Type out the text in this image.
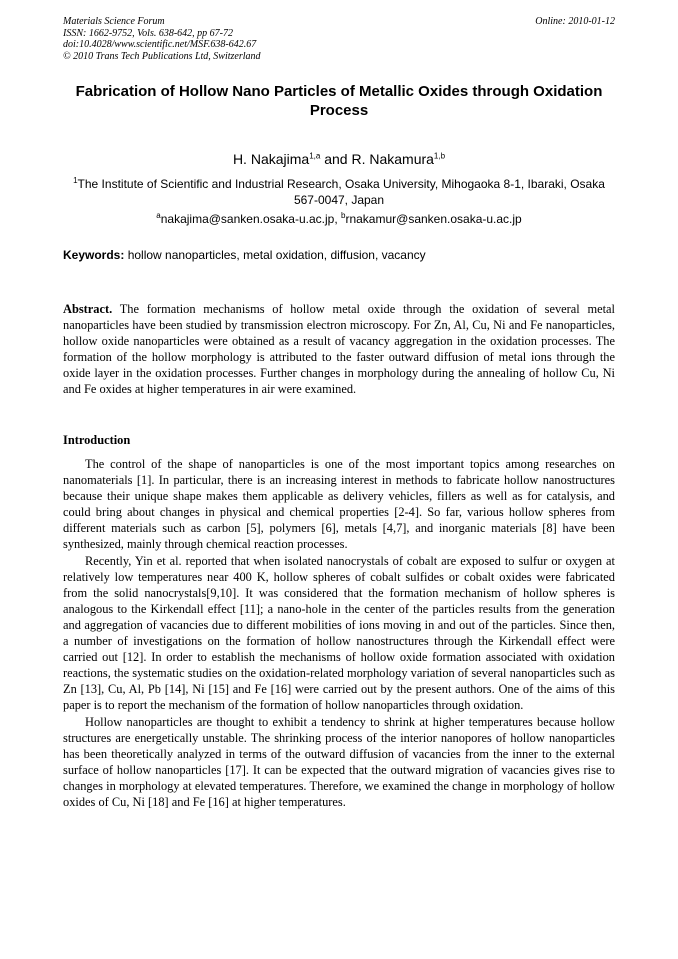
Materials Science Forum
ISSN: 1662-9752, Vols. 638-642, pp 67-72
doi:10.4028/www.scientific.net/MSF.638-642.67
© 2010 Trans Tech Publications Ltd, Switzerland
Online: 2010-01-12
Fabrication of Hollow Nano Particles of Metallic Oxides through Oxidation Process
H. Nakajima$^{1,a}$ and R. Nakamura$^{1,b}$
$^1$The Institute of Scientific and Industrial Research, Osaka University, Mihogaoka 8-1, Ibaraki, Osaka 567-0047, Japan
$^a$nakajima@sanken.osaka-u.ac.jp, $^b$rnakamur@sanken.osaka-u.ac.jp
Keywords: hollow nanoparticles, metal oxidation, diffusion, vacancy
Abstract. The formation mechanisms of hollow metal oxide through the oxidation of several metal nanoparticles have been studied by transmission electron microscopy. For Zn, Al, Cu, Ni and Fe nanoparticles, hollow oxide nanoparticles were obtained as a result of vacancy aggregation in the oxidation processes. The formation of the hollow morphology is attributed to the faster outward diffusion of metal ions through the oxide layer in the oxidation processes. Further changes in morphology during the annealing of hollow Cu, Ni and Fe oxides at higher temperatures in air were examined.
Introduction

The control of the shape of nanoparticles is one of the most important topics among researches on nanomaterials [1]. In particular, there is an increasing interest in methods to fabricate hollow nanostructures because their unique shape makes them applicable as delivery vehicles, fillers as well as for catalysis, and could bring about changes in physical and chemical properties [2-4]. So far, various hollow spheres from different materials such as carbon [5], polymers [6], metals [4,7], and inorganic materials [8] have been synthesized, mainly through chemical reaction processes.

Recently, Yin et al. reported that when isolated nanocrystals of cobalt are exposed to sulfur or oxygen at relatively low temperatures near 400 K, hollow spheres of cobalt sulfides or cobalt oxides were fabricated from the solid nanocrystals[9,10]. It was considered that the formation mechanism of hollow spheres is analogous to the Kirkendall effect [11]; a nano-hole in the center of the particles results from the generation and aggregation of vacancies due to different mobilities of ions moving in and out of the particles. Since then, a number of investigations on the formation of hollow nanostructures through the Kirkendall effect were carried out [12]. In order to establish the mechanisms of hollow oxide formation associated with oxidation reactions, the systematic studies on the oxidation-related morphology variation of several nanoparticles such as Zn [13], Cu, Al, Pb [14], Ni [15] and Fe [16] were carried out by the present authors. One of the aims of this paper is to report the mechanism of the formation of hollow nanoparticles through oxidation.

Hollow nanoparticles are thought to exhibit a tendency to shrink at higher temperatures because hollow structures are energetically unstable. The shrinking process of the interior nanopores of hollow nanoparticles has been theoretically analyzed in terms of the outward diffusion of vacancies from the inner to the external surface of hollow nanoparticles [17]. It can be expected that the outward migration of vacancies gives rise to changes in morphology at elevated temperatures. Therefore, we examined the change in morphology of hollow oxides of Cu, Ni [18] and Fe [16] at higher temperatures.
